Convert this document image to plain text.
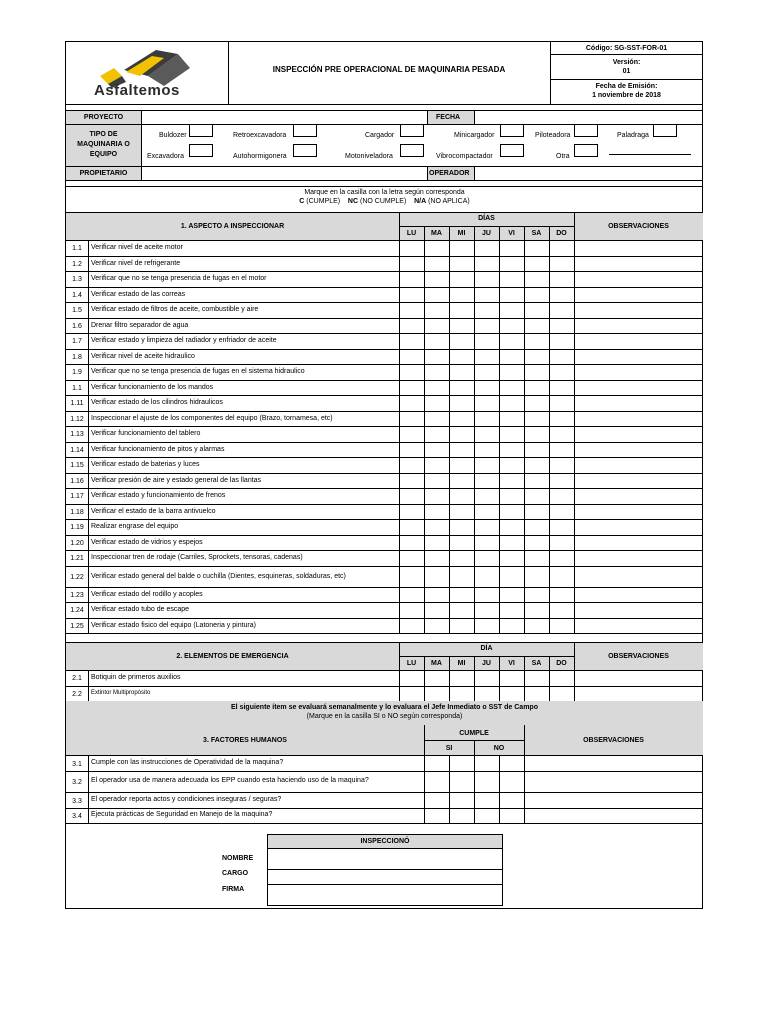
Asfaltemos
INSPECCIÓN PRE OPERACIONAL DE MAQUINARIA PESADA
Código: SG-SST-FOR-01
Versión:
01
Fecha de Emisión:
1 noviembre de 2018
PROYECTO	FECHA
TIPO DE
MAQUINARIA O
EQUIPO
Buldozer	Retroexcavadora	Cargador	Minicargador	Piloteadora	Paladraga
Excavadora	Autohormigonera	Motoniveladora	Vibrocompactador	Otra
PROPIETARIO	OPERADOR
Marque en la casilla con la letra según corresponda
C (CUMPLE) NC (NO CUMPLE) N/A (NO APLICA)
1. ASPECTO A INSPECCIONAR
DÍAS
OBSERVACIONES
LU	MA	MI	JU	VI	SA	DO
1.1	Verificar nivel de aceite motor
1.2	Verificar nivel de refrigerante
1.3	Verificar que no se tenga presencia de fugas en el motor
1.4	Verificar estado de las correas
1.5	Verificar estado de filtros de aceite, combustible y aire
1.6	Drenar filtro separador de agua
1.7	Verificar estado y limpieza del radiador y enfriador de aceite
1.8	Verificar nivel de aceite hidraulico
1.9	Verificar que no se tenga presencia de fugas en el sistema hidraulico
1.1	Verificar funcionamiento de los mandos
1.11	Verificar estado de los cilindros hidraulicos
1.12	Inspeccionar el ajuste de los componentes del equipo (Brazo, tornamesa, etc)
1.13	Verificar funcionamiento del tablero
1.14	Verificar funcionamiento de pitos y alarmas
1.15	Verificar estado de baterias y luces
1.16	Verificar presión de aire y estado general de las llantas
1.17	Verificar estado y funcionamiento de frenos
1.18	Verificar el estado de la barra antivuelco
1.19	Realizar engrase del equipo
1.20	Verificar estado de vidrios y espejos
1.21	Inspeccionar tren de rodaje (Carriles, Sprockets, tensoras, cadenas)
1.22	Verificar estado general del balde o cuchilla (Dientes, esquineras, soldaduras, etc)
1.23	Verificar estado del rodillo y acoples
1.24	Verificar estado tubo de escape
1.25	Verificar estado fisico del equipo (Latoneria y pintura)
2. ELEMENTOS DE EMERGENCIA
DÍA
OBSERVACIONES
LU	MA	MI	JU	VI	SA	DO
2.1	Botiquin de primeros auxilios
2.2	Extintor Multipropósito
El siguiente ítem se evaluará semanalmente y lo evaluara el Jefe Inmediato o SST de Campo
(Marque en la casilla SI o NO según corresponda)
3. FACTORES HUMANOS
CUMPLE
SI	NO
OBSERVACIONES
3.1	Cumple con las instrucciones de Operatividad de la maquina?
3.2	El operador usa de manera adecuada los EPP cuando esta haciendo uso de la maquina?
3.3	El operador reporta actos y condiciones inseguras / seguras?
3.4	Ejecuta prácticas de Seguridad en Manejo de la maquina?
INSPECCIONÓ
NOMBRE
CARGO
FIRMA
